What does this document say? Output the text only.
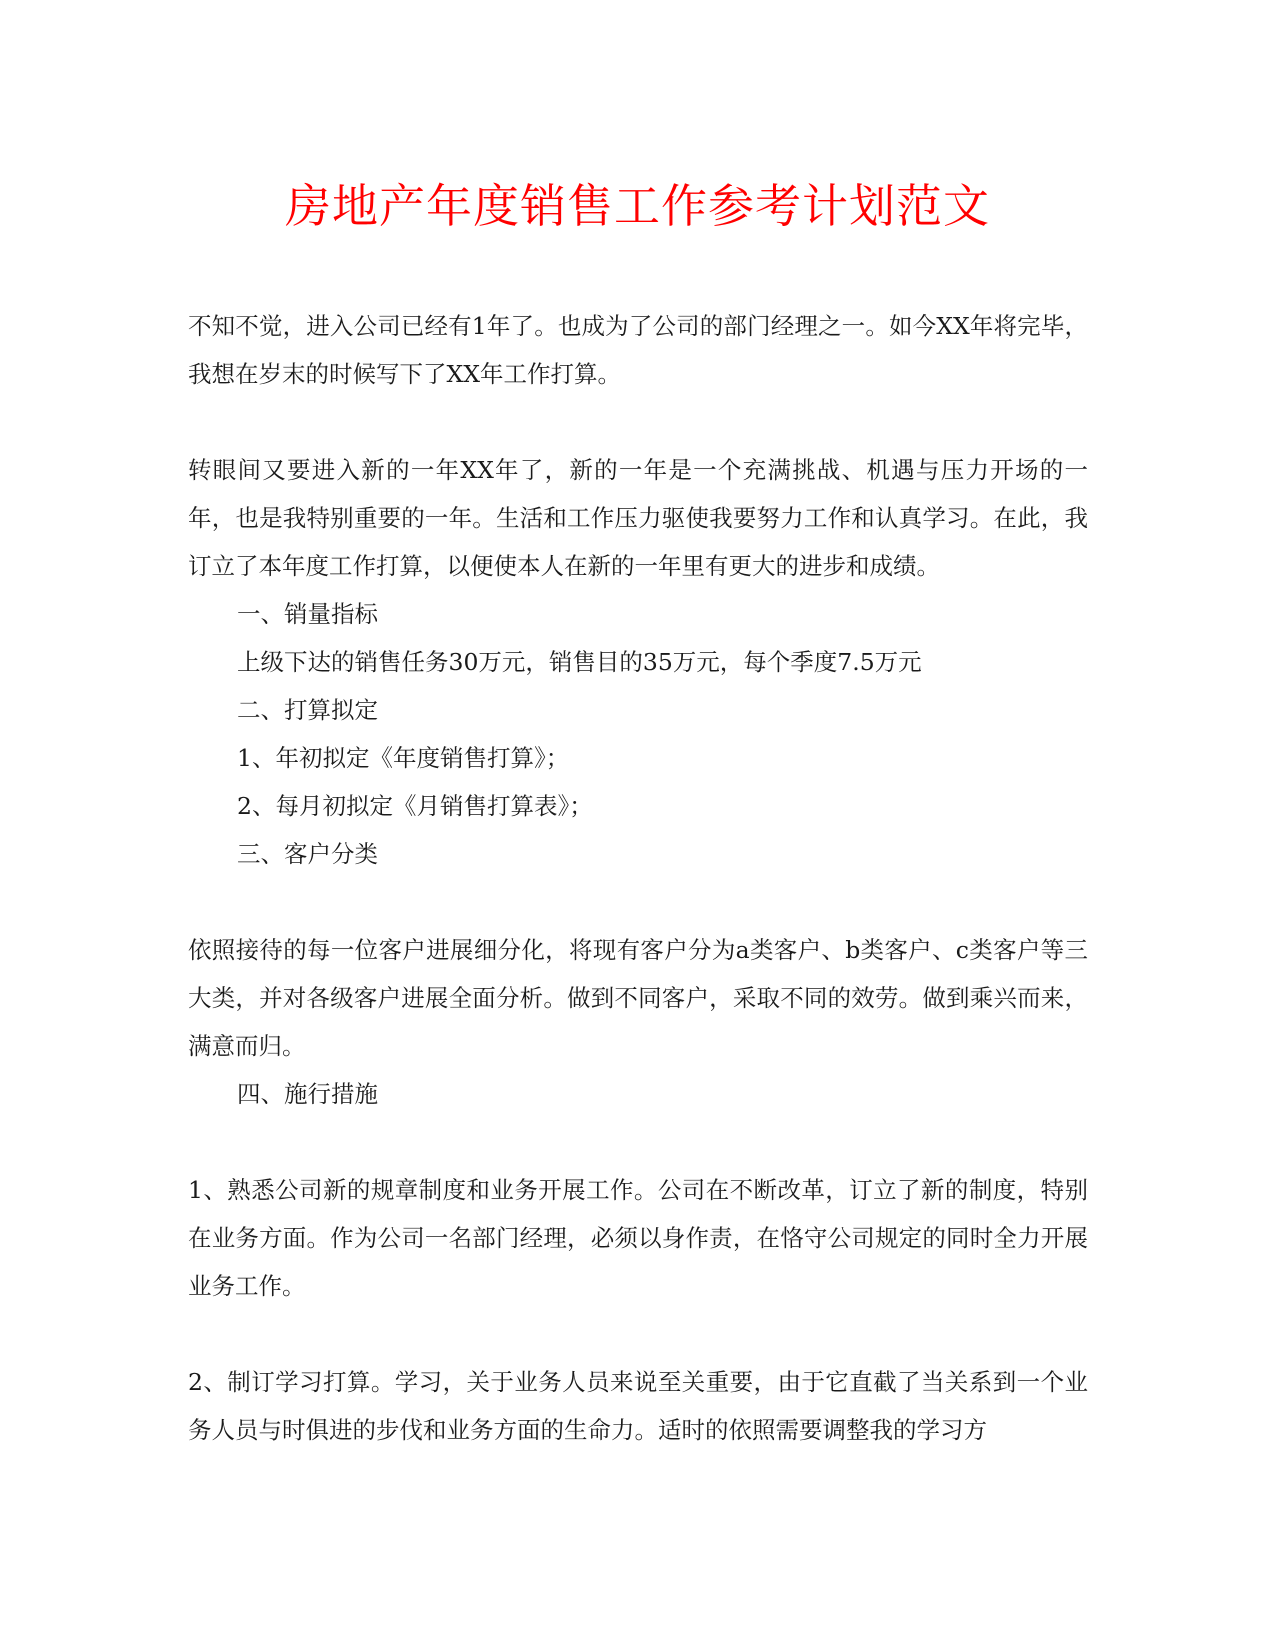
房地产年度销售工作参考计划范文

不知不觉，进入公司已经有1年了。也成为了公司的部门经理之一。如今XX年将完毕，我想在岁末的时候写下了XX年工作打算。

转眼间又要进入新的一年XX年了，新的一年是一个充满挑战、机遇与压力开场的一年，也是我特别重要的一年。生活和工作压力驱使我要努力工作和认真学习。在此，我订立了本年度工作打算，以便使本人在新的一年里有更大的进步和成绩。

一、销量指标

上级下达的销售任务30万元，销售目的35万元，每个季度7.5万元

二、打算拟定

1、年初拟定《年度销售打算》；

2、每月初拟定《月销售打算表》；

三、客户分类

依照接待的每一位客户进展细分化，将现有客户分为a类客户、b类客户、c类客户等三大类，并对各级客户进展全面分析。做到不同客户，采取不同的效劳。做到乘兴而来，满意而归。

四、施行措施

1、熟悉公司新的规章制度和业务开展工作。公司在不断改革，订立了新的制度，特别在业务方面。作为公司一名部门经理，必须以身作责，在恪守公司规定的同时全力开展业务工作。

2、制订学习打算。学习，关于业务人员来说至关重要，由于它直截了当关系到一个业务人员与时俱进的步伐和业务方面的生命力。适时的依照需要调整我的学习方
